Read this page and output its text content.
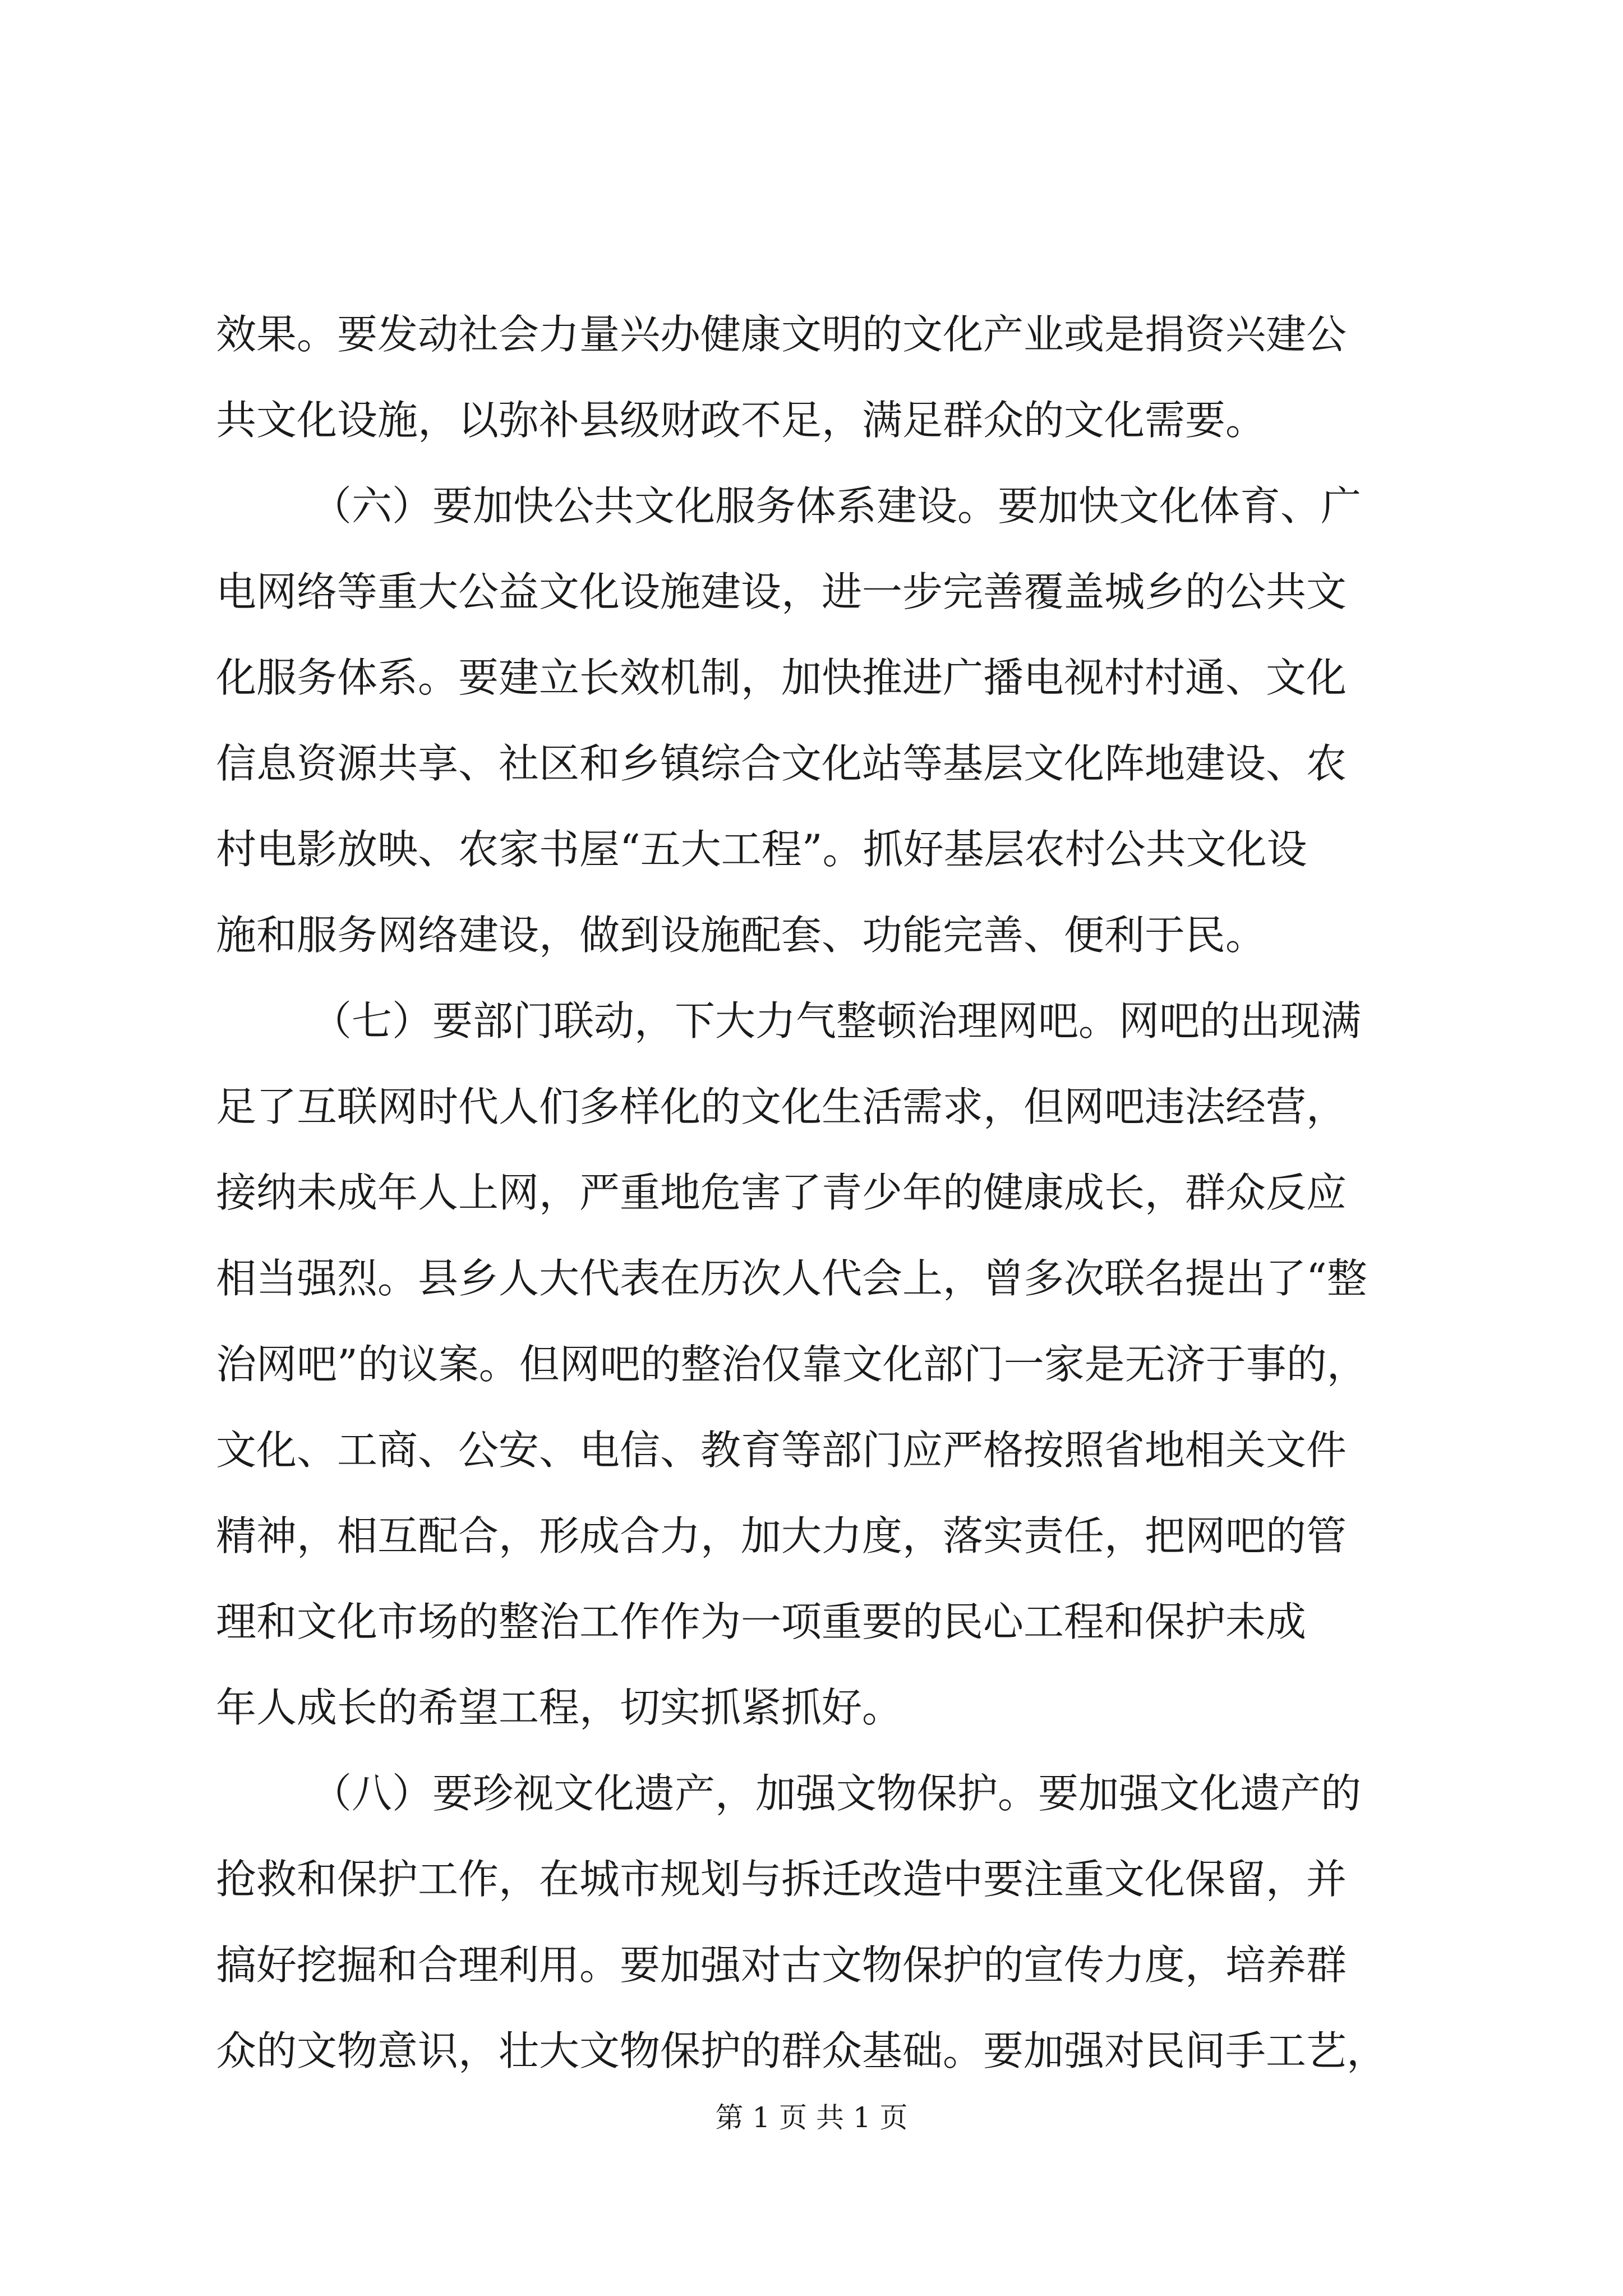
效果。要发动社会力量兴办健康文明的文化产业或是捐资兴建公
共文化设施，以弥补县级财政不足，满足群众的文化需要。
（六）要加快公共文化服务体系建设。要加快文化体育、广
电网络等重大公益文化设施建设，进一步完善覆盖城乡的公共文
化服务体系。要建立长效机制，加快推进广播电视村村通、文化
信息资源共享、社区和乡镇综合文化站等基层文化阵地建设、农
村电影放映、农家书屋“五大工程”。抓好基层农村公共文化设
施和服务网络建设，做到设施配套、功能完善、便利于民。
（七）要部门联动，下大力气整顿治理网吧。网吧的出现满
足了互联网时代人们多样化的文化生活需求，但网吧违法经营，
接纳未成年人上网，严重地危害了青少年的健康成长，群众反应
相当强烈。县乡人大代表在历次人代会上，曾多次联名提出了“整
治网吧”的议案。但网吧的整治仅靠文化部门一家是无济于事的，
文化、工商、公安、电信、教育等部门应严格按照省地相关文件
精神，相互配合，形成合力，加大力度，落实责任，把网吧的管
理和文化市场的整治工作作为一项重要的民心工程和保护未成
年人成长的希望工程，切实抓紧抓好。
（八）要珍视文化遗产，加强文物保护。要加强文化遗产的
抢救和保护工作，在城市规划与拆迁改造中要注重文化保留，并
搞好挖掘和合理利用。要加强对古文物保护的宣传力度，培养群
众的文物意识，壮大文物保护的群众基础。要加强对民间手工艺，
第 1 页 共 1 页
